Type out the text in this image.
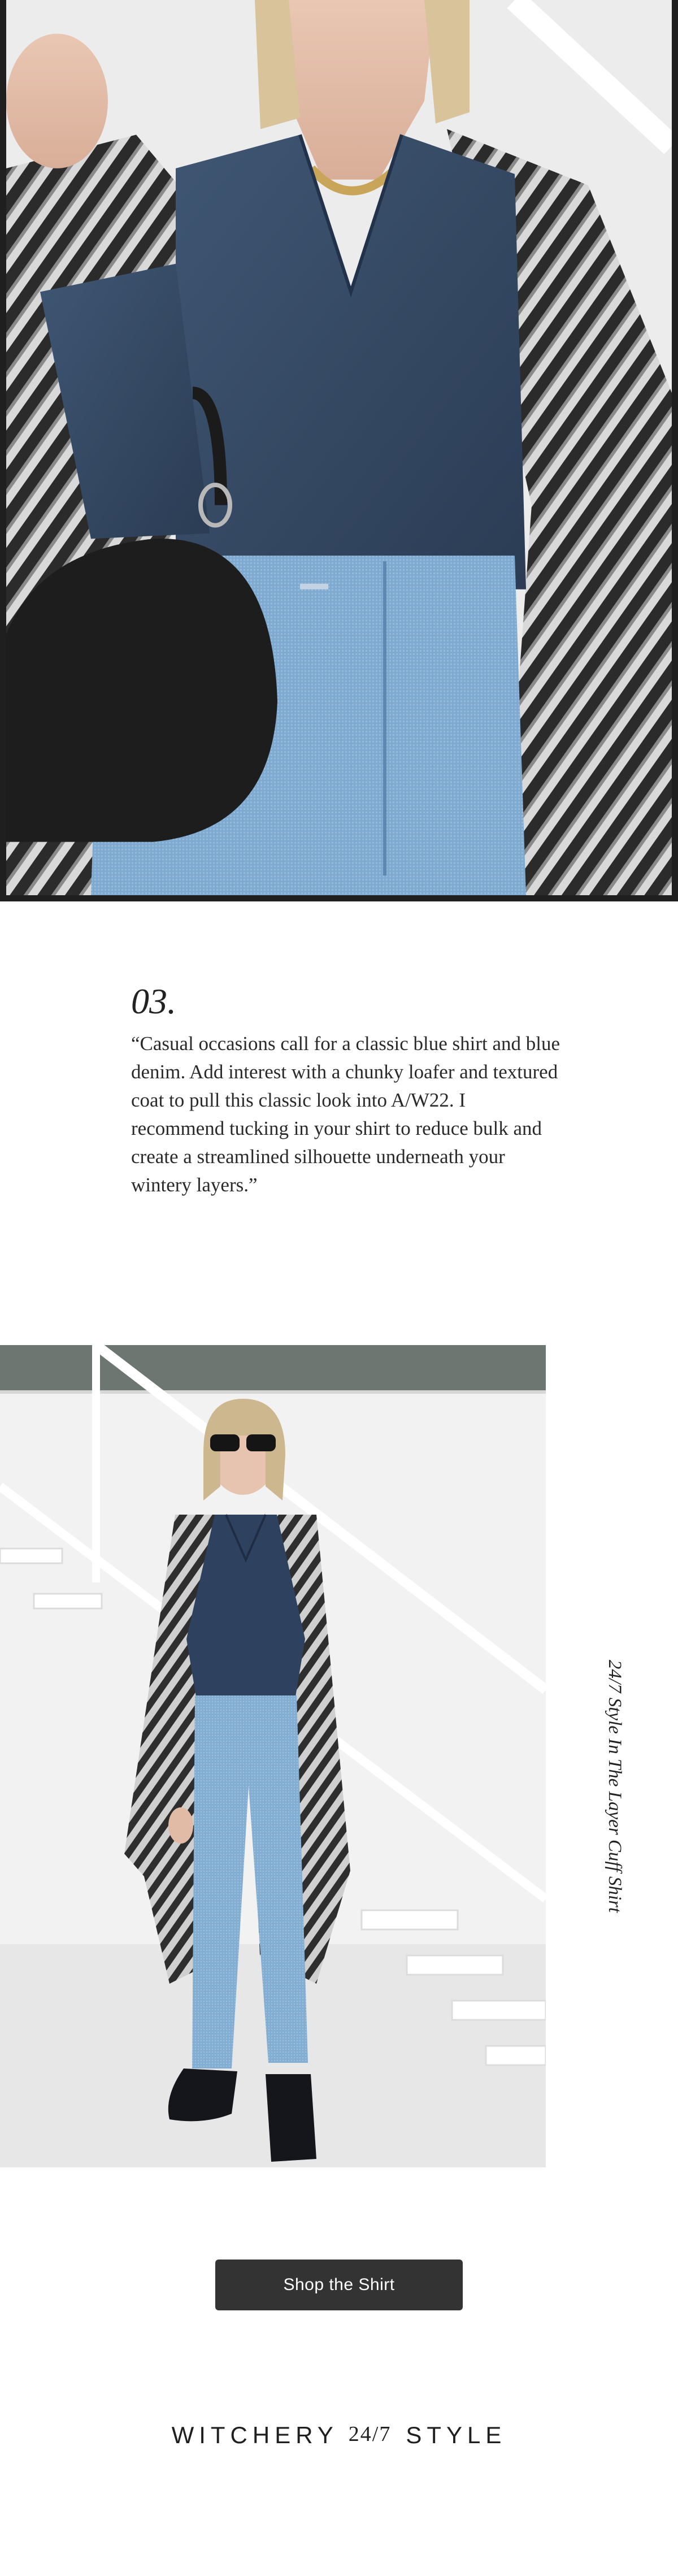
03.

“Casual occasions call for a classic blue shirt and blue denim. Add interest with a chunky loafer and textured coat to pull this classic look into A/W22. I recommend tucking in your shirt to reduce bulk and create a streamlined silhouette underneath your wintery layers.”

24/7 Style In The Layer Cuff Shirt
Shop the Shirt
WITCHERY 24/7 STYLE
